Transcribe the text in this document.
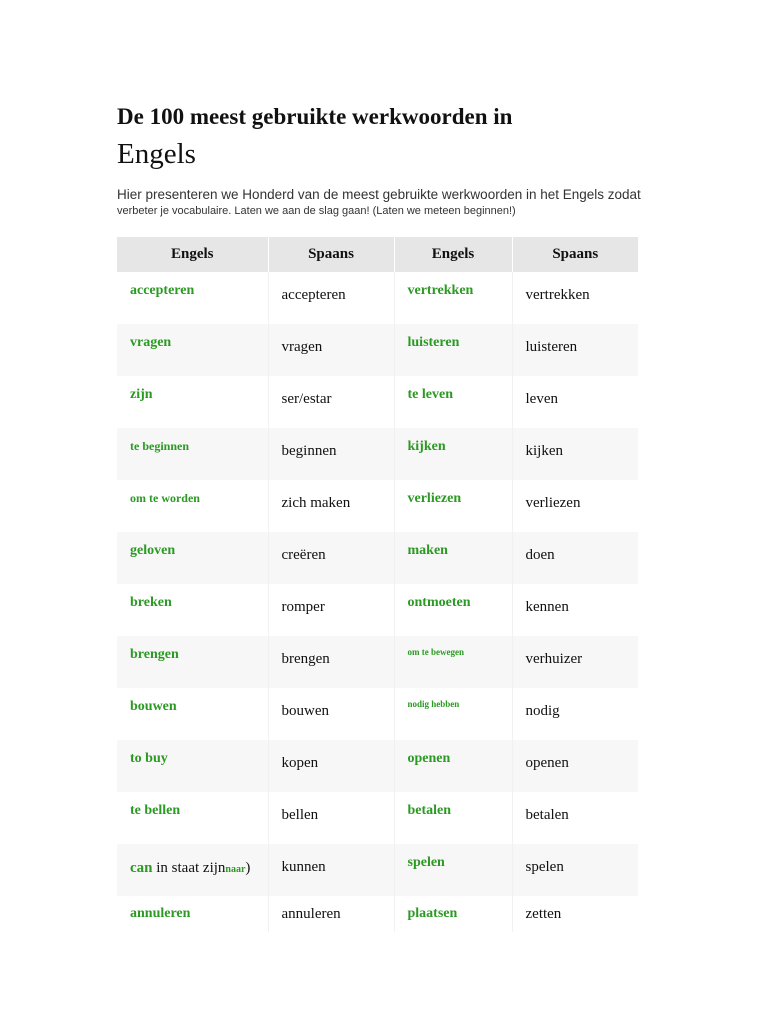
De 100 meest gebruikte werkwoorden in
Engels

Hier presenteren we Honderd van de meest gebruikte werkwoorden in het Engels zodat
verbeter je vocabulaire. Laten we aan de slag gaan! (Laten we meteen beginnen!)

Engels	Spaans	Engels	Spaans

accepteren	accepteren	vertrekken	vertrekken

vragen	vragen	luisteren	luisteren

zijn	ser/estar	te leven	leven

te beginnen	beginnen	kijken	kijken

om te worden	zich maken	verliezen	verliezen

geloven	creëren	maken	doen

breken	romper	ontmoeten	kennen

brengen	brengen	om te bewegen	verhuizer

bouwen	bouwen	nodig hebben	nodig

to buy	kopen	openen	openen

te bellen	bellen	betalen	betalen

can in staat zijnnaar)	kunnen	spelen	spelen

annuleren	annuleren	plaatsen	zetten
